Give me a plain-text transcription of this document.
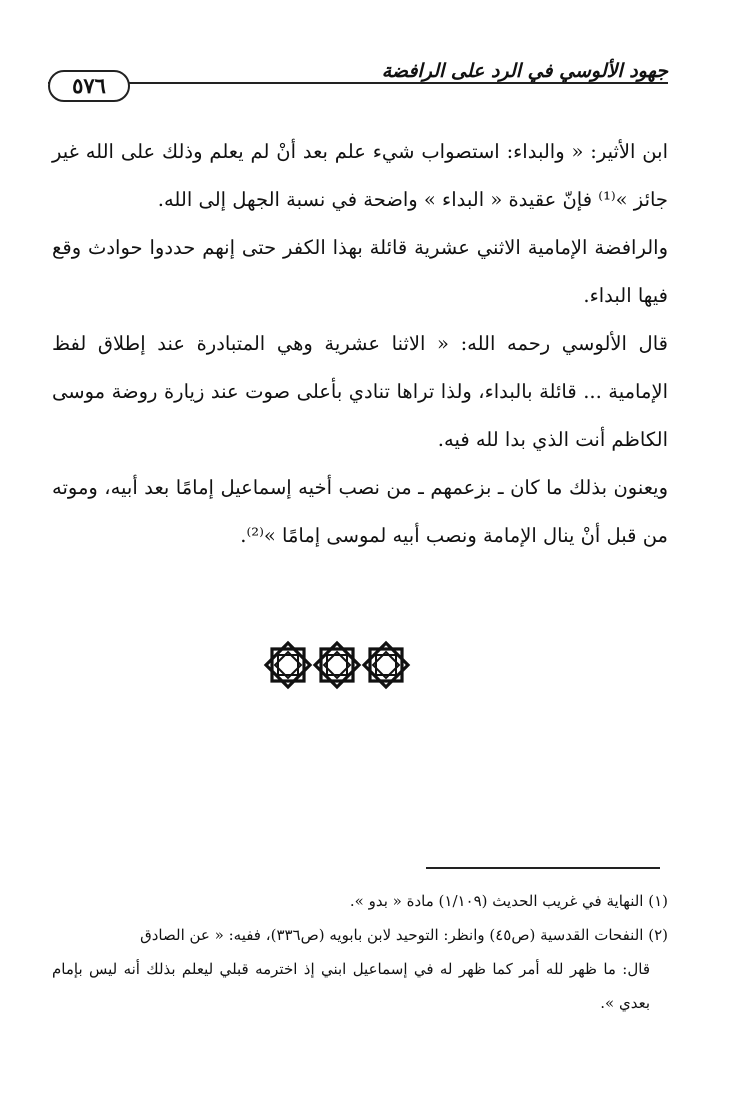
جهود الألوسي في الرد على الرافضة
٥٧٦

ابن الأثير: « والبداء: استصواب شيء علم بعد أنْ لم يعلم وذلك على الله غير جائز »⁽¹⁾ فإنّ عقيدة « البداء » واضحة في نسبة الجهل إلى الله.

والرافضة الإمامية الاثني عشرية قائلة بهذا الكفر حتى إنهم حددوا حوادث وقع فيها البداء.

قال الألوسي رحمه الله: « الاثنا عشرية وهي المتبادرة عند إطلاق لفظ الإمامية ... قائلة بالبداء، ولذا تراها تنادي بأعلى صوت عند زيارة روضة موسى الكاظم أنت الذي بدا لله فيه.

ويعنون بذلك ما كان ـ بزعمهم ـ من نصب أخيه إسماعيل إمامًا بعد أبيه، وموته من قبل أنْ ينال الإمامة ونصب أبيه لموسى إمامًا »⁽²⁾.

(١) النهاية في غريب الحديث (١/١٠٩) مادة « بدو ».

(٢) النفحات القدسية (ص٤٥) وانظر: التوحيد لابن بابويه (ص٣٣٦)، ففيه: « عن الصادق

قال: ما ظهر لله أمر كما ظهر له في إسماعيل ابني إذ اخترمه قبلي ليعلم بذلك أنه ليس بإمام بعدي ».
